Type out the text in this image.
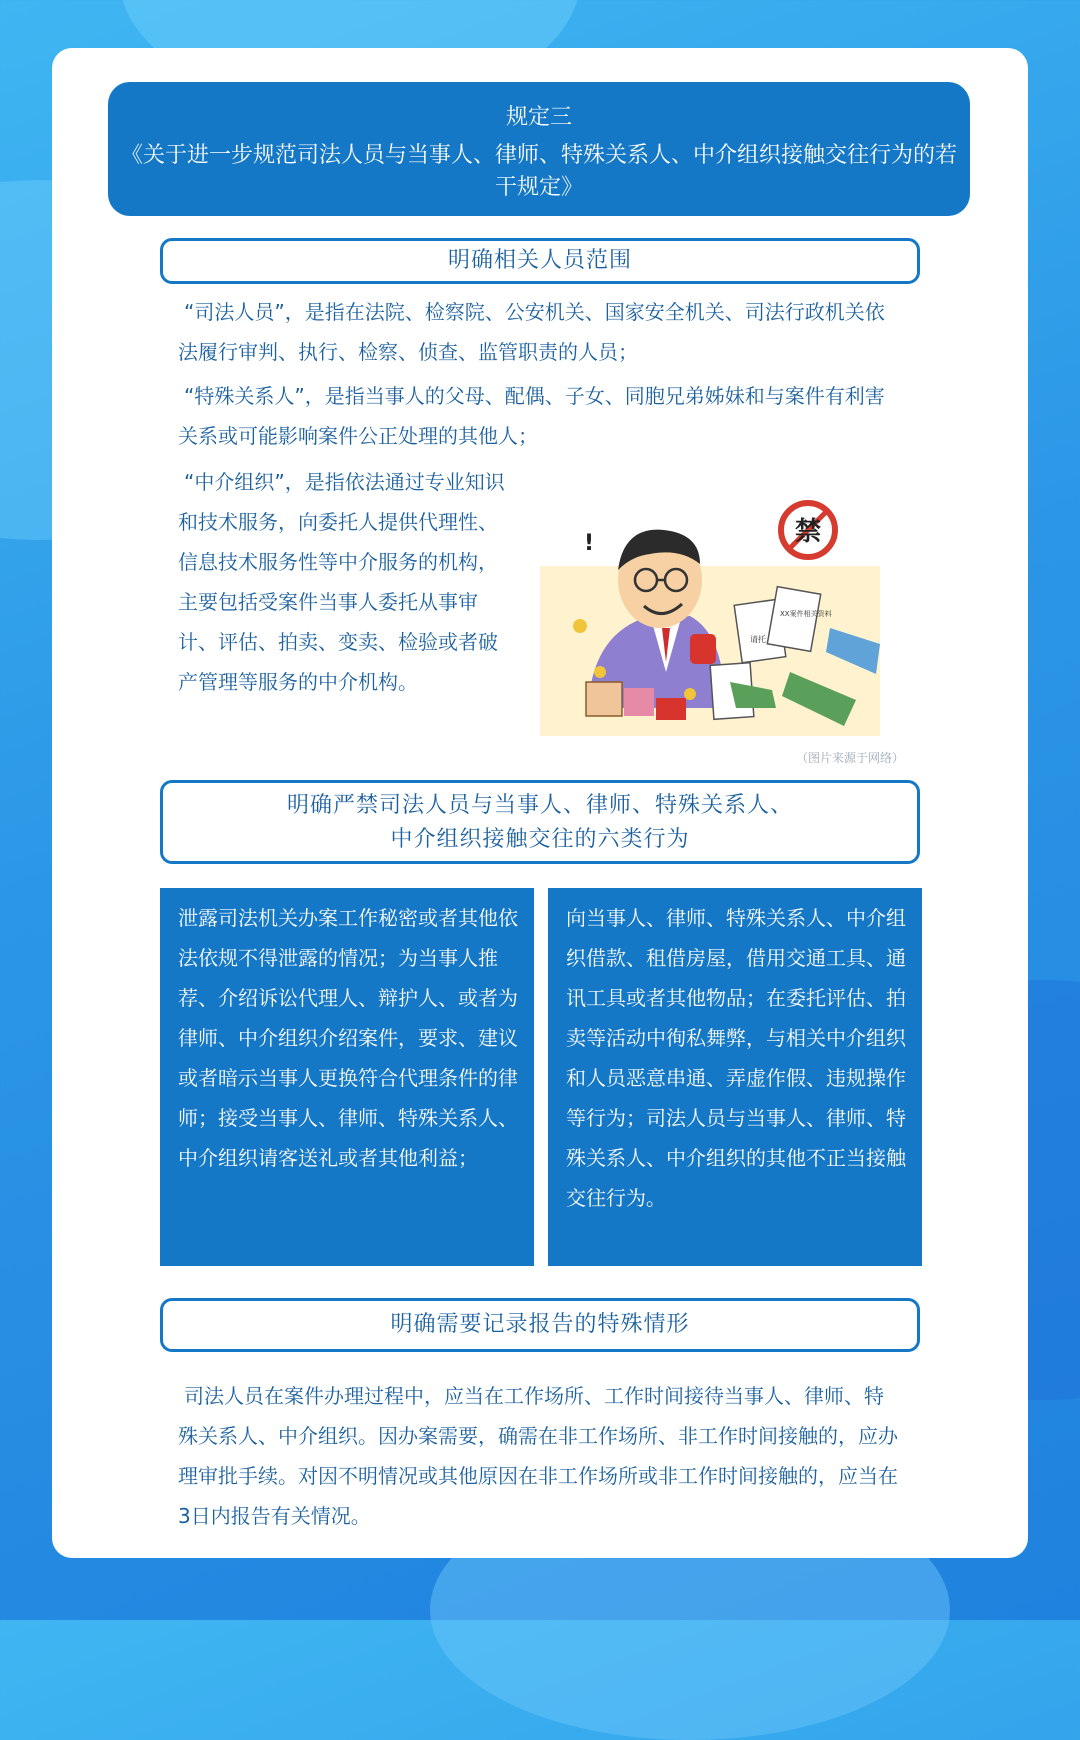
规定三
《关于进一步规范司法人员与当事人、律师、特殊关系人、中介组织接触交往行为的若干规定》
明确相关人员范围
“司法人员”，是指在法院、检察院、公安机关、国家安全机关、司法行政机关依法履行审判、执行、检察、侦查、监管职责的人员；
“特殊关系人”，是指当事人的父母、配偶、子女、同胞兄弟姊妹和与案件有利害关系或可能影响案件公正处理的其他人；
“中介组织”，是指依法通过专业知识和技术服务，向委托人提供代理性、信息技术服务性等中介服务的机构，主要包括受案件当事人委托从事审计、评估、拍卖、变卖、检验或者破产管理等服务的中介机构。
禁
!
XX案件相关资料
请托
（图片来源于网络）
明确严禁司法人员与当事人、律师、特殊关系人、
中介组织接触交往的六类行为
泄露司法机关办案工作秘密或者其他依法依规不得泄露的情况；为当事人推荐、介绍诉讼代理人、辩护人、或者为律师、中介组织介绍案件，要求、建议或者暗示当事人更换符合代理条件的律师；接受当事人、律师、特殊关系人、中介组织请客送礼或者其他利益；
向当事人、律师、特殊关系人、中介组织借款、租借房屋，借用交通工具、通讯工具或者其他物品；在委托评估、拍卖等活动中徇私舞弊，与相关中介组织和人员恶意串通、弄虚作假、违规操作等行为；司法人员与当事人、律师、特殊关系人、中介组织的其他不正当接触交往行为。
明确需要记录报告的特殊情形
司法人员在案件办理过程中，应当在工作场所、工作时间接待当事人、律师、特殊关系人、中介组织。因办案需要，确需在非工作场所、非工作时间接触的，应办理审批手续。对因不明情况或其他原因在非工作场所或非工作时间接触的，应当在3日内报告有关情况。
